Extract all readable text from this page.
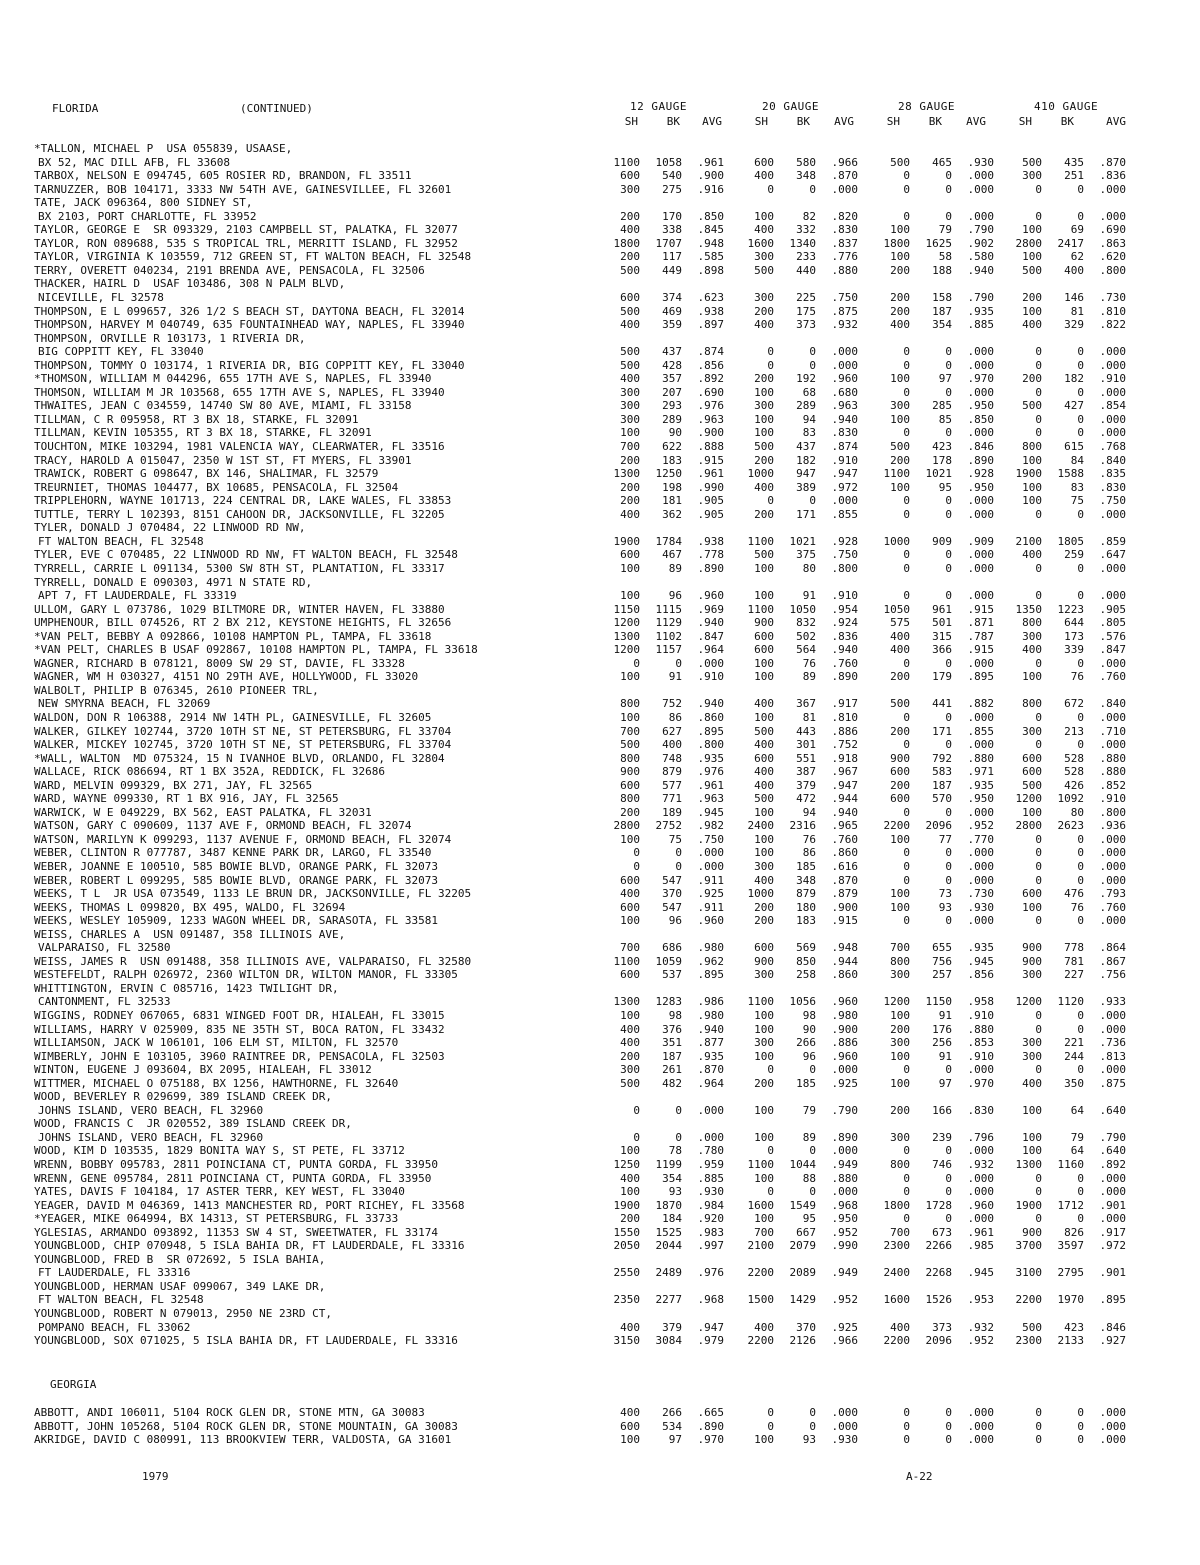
FLORIDA	(CONTINUED)	12 GAUGE	20 GAUGE	28 GAUGE	410 GAUGE
SH	BK	AVG	SH	BK	AVG	SH	BK	AVG	SH	BK	AVG
*TALLON, MICHAEL P  USA 055839, USAASE,
BX 52, MAC DILL AFB, FL 33608	1100	1058	.961	600	580	.966	500	465	.930	500	435	.870
TARBOX, NELSON E 094745, 605 ROSIER RD, BRANDON, FL 33511	600	540	.900	400	348	.870	0	0	.000	300	251	.836
TARNUZZER, BOB 104171, 3333 NW 54TH AVE, GAINESVILLEE, FL 32601	300	275	.916	0	0	.000	0	0	.000	0	0	.000
TATE, JACK 096364, 800 SIDNEY ST,
BX 2103, PORT CHARLOTTE, FL 33952	200	170	.850	100	82	.820	0	0	.000	0	0	.000
TAYLOR, GEORGE E  SR 093329, 2103 CAMPBELL ST, PALATKA, FL 32077	400	338	.845	400	332	.830	100	79	.790	100	69	.690
TAYLOR, RON 089688, 535 S TROPICAL TRL, MERRITT ISLAND, FL 32952	1800	1707	.948	1600	1340	.837	1800	1625	.902	2800	2417	.863
TAYLOR, VIRGINIA K 103559, 712 GREEN ST, FT WALTON BEACH, FL 32548	200	117	.585	300	233	.776	100	58	.580	100	62	.620
TERRY, OVERETT 040234, 2191 BRENDA AVE, PENSACOLA, FL 32506	500	449	.898	500	440	.880	200	188	.940	500	400	.800
THACKER, HAIRL D  USAF 103486, 308 N PALM BLVD,
NICEVILLE, FL 32578	600	374	.623	300	225	.750	200	158	.790	200	146	.730
THOMPSON, E L 099657, 326 1/2 S BEACH ST, DAYTONA BEACH, FL 32014	500	469	.938	200	175	.875	200	187	.935	100	81	.810
THOMPSON, HARVEY M 040749, 635 FOUNTAINHEAD WAY, NAPLES, FL 33940	400	359	.897	400	373	.932	400	354	.885	400	329	.822
THOMPSON, ORVILLE R 103173, 1 RIVERIA DR,
BIG COPPITT KEY, FL 33040	500	437	.874	0	0	.000	0	0	.000	0	0	.000
THOMPSON, TOMMY O 103174, 1 RIVERIA DR, BIG COPPITT KEY, FL 33040	500	428	.856	0	0	.000	0	0	.000	0	0	.000
*THOMSON, WILLIAM M 044296, 655 17TH AVE S, NAPLES, FL 33940	400	357	.892	200	192	.960	100	97	.970	200	182	.910
THOMSON, WILLIAM M JR 103568, 655 17TH AVE S, NAPLES, FL 33940	300	207	.690	100	68	.680	0	0	.000	0	0	.000
THWAITES, JEAN C 034559, 14740 SW 80 AVE, MIAMI, FL 33158	300	293	.976	300	289	.963	300	285	.950	500	427	.854
TILLMAN, C R 095958, RT 3 BX 18, STARKE, FL 32091	300	289	.963	100	94	.940	100	85	.850	0	0	.000
TILLMAN, KEVIN 105355, RT 3 BX 18, STARKE, FL 32091	100	90	.900	100	83	.830	0	0	.000	0	0	.000
TOUCHTON, MIKE 103294, 1981 VALENCIA WAY, CLEARWATER, FL 33516	700	622	.888	500	437	.874	500	423	.846	800	615	.768
TRACY, HAROLD A 015047, 2350 W 1ST ST, FT MYERS, FL 33901	200	183	.915	200	182	.910	200	178	.890	100	84	.840
TRAWICK, ROBERT G 098647, BX 146, SHALIMAR, FL 32579	1300	1250	.961	1000	947	.947	1100	1021	.928	1900	1588	.835
TREURNIET, THOMAS 104477, BX 10685, PENSACOLA, FL 32504	200	198	.990	400	389	.972	100	95	.950	100	83	.830
TRIPPLEHORN, WAYNE 101713, 224 CENTRAL DR, LAKE WALES, FL 33853	200	181	.905	0	0	.000	0	0	.000	100	75	.750
TUTTLE, TERRY L 102393, 8151 CAHOON DR, JACKSONVILLE, FL 32205	400	362	.905	200	171	.855	0	0	.000	0	0	.000
TYLER, DONALD J 070484, 22 LINWOOD RD NW,
FT WALTON BEACH, FL 32548	1900	1784	.938	1100	1021	.928	1000	909	.909	2100	1805	.859
TYLER, EVE C 070485, 22 LINWOOD RD NW, FT WALTON BEACH, FL 32548	600	467	.778	500	375	.750	0	0	.000	400	259	.647
TYRRELL, CARRIE L 091134, 5300 SW 8TH ST, PLANTATION, FL 33317	100	89	.890	100	80	.800	0	0	.000	0	0	.000
TYRRELL, DONALD E 090303, 4971 N STATE RD,
APT 7, FT LAUDERDALE, FL 33319	100	96	.960	100	91	.910	0	0	.000	0	0	.000
ULLOM, GARY L 073786, 1029 BILTMORE DR, WINTER HAVEN, FL 33880	1150	1115	.969	1100	1050	.954	1050	961	.915	1350	1223	.905
UMPHENOUR, BILL 074526, RT 2 BX 212, KEYSTONE HEIGHTS, FL 32656	1200	1129	.940	900	832	.924	575	501	.871	800	644	.805
*VAN PELT, BEBBY A 092866, 10108 HAMPTON PL, TAMPA, FL 33618	1300	1102	.847	600	502	.836	400	315	.787	300	173	.576
*VAN PELT, CHARLES B USAF 092867, 10108 HAMPTON PL, TAMPA, FL 33618	1200	1157	.964	600	564	.940	400	366	.915	400	339	.847
WAGNER, RICHARD B 078121, 8009 SW 29 ST, DAVIE, FL 33328	0	0	.000	100	76	.760	0	0	.000	0	0	.000
WAGNER, WM H 030327, 4151 NO 29TH AVE, HOLLYWOOD, FL 33020	100	91	.910	100	89	.890	200	179	.895	100	76	.760
WALBOLT, PHILIP B 076345, 2610 PIONEER TRL,
NEW SMYRNA BEACH, FL 32069	800	752	.940	400	367	.917	500	441	.882	800	672	.840
WALDON, DON R 106388, 2914 NW 14TH PL, GAINESVILLE, FL 32605	100	86	.860	100	81	.810	0	0	.000	0	0	.000
WALKER, GILKEY 102744, 3720 10TH ST NE, ST PETERSBURG, FL 33704	700	627	.895	500	443	.886	200	171	.855	300	213	.710
WALKER, MICKEY 102745, 3720 10TH ST NE, ST PETERSBURG, FL 33704	500	400	.800	400	301	.752	0	0	.000	0	0	.000
*WALL, WALTON  MD 075324, 15 N IVANHOE BLVD, ORLANDO, FL 32804	800	748	.935	600	551	.918	900	792	.880	600	528	.880
WALLACE, RICK 086694, RT 1 BX 352A, REDDICK, FL 32686	900	879	.976	400	387	.967	600	583	.971	600	528	.880
WARD, MELVIN 099329, BX 271, JAY, FL 32565	600	577	.961	400	379	.947	200	187	.935	500	426	.852
WARD, WAYNE 099330, RT 1 BX 916, JAY, FL 32565	800	771	.963	500	472	.944	600	570	.950	1200	1092	.910
WARWICK, W E 049229, BX 562, EAST PALATKA, FL 32031	200	189	.945	100	94	.940	0	0	.000	100	80	.800
WATSON, GARY C 090609, 1137 AVE F, ORMOND BEACH, FL 32074	2800	2752	.982	2400	2316	.965	2200	2096	.952	2800	2623	.936
WATSON, MARILYN K 099293, 1137 AVENUE F, ORMOND BEACH, FL 32074	100	75	.750	100	76	.760	100	77	.770	0	0	.000
WEBER, CLINTON R 077787, 3487 KENNE PARK DR, LARGO, FL 33540	0	0	.000	100	86	.860	0	0	.000	0	0	.000
WEBER, JOANNE E 100510, 585 BOWIE BLVD, ORANGE PARK, FL 32073	0	0	.000	300	185	.616	0	0	.000	0	0	.000
WEBER, ROBERT L 099295, 585 BOWIE BLVD, ORANGE PARK, FL 32073	600	547	.911	400	348	.870	0	0	.000	0	0	.000
WEEKS, T L  JR USA 073549, 1133 LE BRUN DR, JACKSONVILLE, FL 32205	400	370	.925	1000	879	.879	100	73	.730	600	476	.793
WEEKS, THOMAS L 099820, BX 495, WALDO, FL 32694	600	547	.911	200	180	.900	100	93	.930	100	76	.760
WEEKS, WESLEY 105909, 1233 WAGON WHEEL DR, SARASOTA, FL 33581	100	96	.960	200	183	.915	0	0	.000	0	0	.000
WEISS, CHARLES A  USN 091487, 358 ILLINOIS AVE,
VALPARAISO, FL 32580	700	686	.980	600	569	.948	700	655	.935	900	778	.864
WEISS, JAMES R  USN 091488, 358 ILLINOIS AVE, VALPARAISO, FL 32580	1100	1059	.962	900	850	.944	800	756	.945	900	781	.867
WESTEFELDT, RALPH 026972, 2360 WILTON DR, WILTON MANOR, FL 33305	600	537	.895	300	258	.860	300	257	.856	300	227	.756
WHITTINGTON, ERVIN C 085716, 1423 TWILIGHT DR,
CANTONMENT, FL 32533	1300	1283	.986	1100	1056	.960	1200	1150	.958	1200	1120	.933
WIGGINS, RODNEY 067065, 6831 WINGED FOOT DR, HIALEAH, FL 33015	100	98	.980	100	98	.980	100	91	.910	0	0	.000
WILLIAMS, HARRY V 025909, 835 NE 35TH ST, BOCA RATON, FL 33432	400	376	.940	100	90	.900	200	176	.880	0	0	.000
WILLIAMSON, JACK W 106101, 106 ELM ST, MILTON, FL 32570	400	351	.877	300	266	.886	300	256	.853	300	221	.736
WIMBERLY, JOHN E 103105, 3960 RAINTREE DR, PENSACOLA, FL 32503	200	187	.935	100	96	.960	100	91	.910	300	244	.813
WINTON, EUGENE J 093604, BX 2095, HIALEAH, FL 33012	300	261	.870	0	0	.000	0	0	.000	0	0	.000
WITTMER, MICHAEL O 075188, BX 1256, HAWTHORNE, FL 32640	500	482	.964	200	185	.925	100	97	.970	400	350	.875
WOOD, BEVERLEY R 029699, 389 ISLAND CREEK DR,
JOHNS ISLAND, VERO BEACH, FL 32960	0	0	.000	100	79	.790	200	166	.830	100	64	.640
WOOD, FRANCIS C  JR 020552, 389 ISLAND CREEK DR,
JOHNS ISLAND, VERO BEACH, FL 32960	0	0	.000	100	89	.890	300	239	.796	100	79	.790
WOOD, KIM D 103535, 1829 BONITA WAY S, ST PETE, FL 33712	100	78	.780	0	0	.000	0	0	.000	100	64	.640
WRENN, BOBBY 095783, 2811 POINCIANA CT, PUNTA GORDA, FL 33950	1250	1199	.959	1100	1044	.949	800	746	.932	1300	1160	.892
WRENN, GENE 095784, 2811 POINCIANA CT, PUNTA GORDA, FL 33950	400	354	.885	100	88	.880	0	0	.000	0	0	.000
YATES, DAVIS F 104184, 17 ASTER TERR, KEY WEST, FL 33040	100	93	.930	0	0	.000	0	0	.000	0	0	.000
YEAGER, DAVID M 046369, 1413 MANCHESTER RD, PORT RICHEY, FL 33568	1900	1870	.984	1600	1549	.968	1800	1728	.960	1900	1712	.901
*YEAGER, MIKE 064994, BX 14313, ST PETERSBURG, FL 33733	200	184	.920	100	95	.950	0	0	.000	0	0	.000
YGLESIAS, ARMANDO 093892, 11353 SW 4 ST, SWEETWATER, FL 33174	1550	1525	.983	700	667	.952	700	673	.961	900	826	.917
YOUNGBLOOD, CHIP 070948, 5 ISLA BAHIA DR, FT LAUDERDALE, FL 33316	2050	2044	.997	2100	2079	.990	2300	2266	.985	3700	3597	.972
YOUNGBLOOD, FRED B  SR 072692, 5 ISLA BAHIA,
FT LAUDERDALE, FL 33316	2550	2489	.976	2200	2089	.949	2400	2268	.945	3100	2795	.901
YOUNGBLOOD, HERMAN USAF 099067, 349 LAKE DR,
FT WALTON BEACH, FL 32548	2350	2277	.968	1500	1429	.952	1600	1526	.953	2200	1970	.895
YOUNGBLOOD, ROBERT N 079013, 2950 NE 23RD CT,
POMPANO BEACH, FL 33062	400	379	.947	400	370	.925	400	373	.932	500	423	.846
YOUNGBLOOD, SOX 071025, 5 ISLA BAHIA DR, FT LAUDERDALE, FL 33316	3150	3084	.979	2200	2126	.966	2200	2096	.952	2300	2133	.927
GEORGIA
ABBOTT, ANDI 106011, 5104 ROCK GLEN DR, STONE MTN, GA 30083	400	266	.665	0	0	.000	0	0	.000	0	0	.000
ABBOTT, JOHN 105268, 5104 ROCK GLEN DR, STONE MOUNTAIN, GA 30083	600	534	.890	0	0	.000	0	0	.000	0	0	.000
AKRIDGE, DAVID C 080991, 113 BROOKVIEW TERR, VALDOSTA, GA 31601	100	97	.970	100	93	.930	0	0	.000	0	0	.000
1979	A-22
